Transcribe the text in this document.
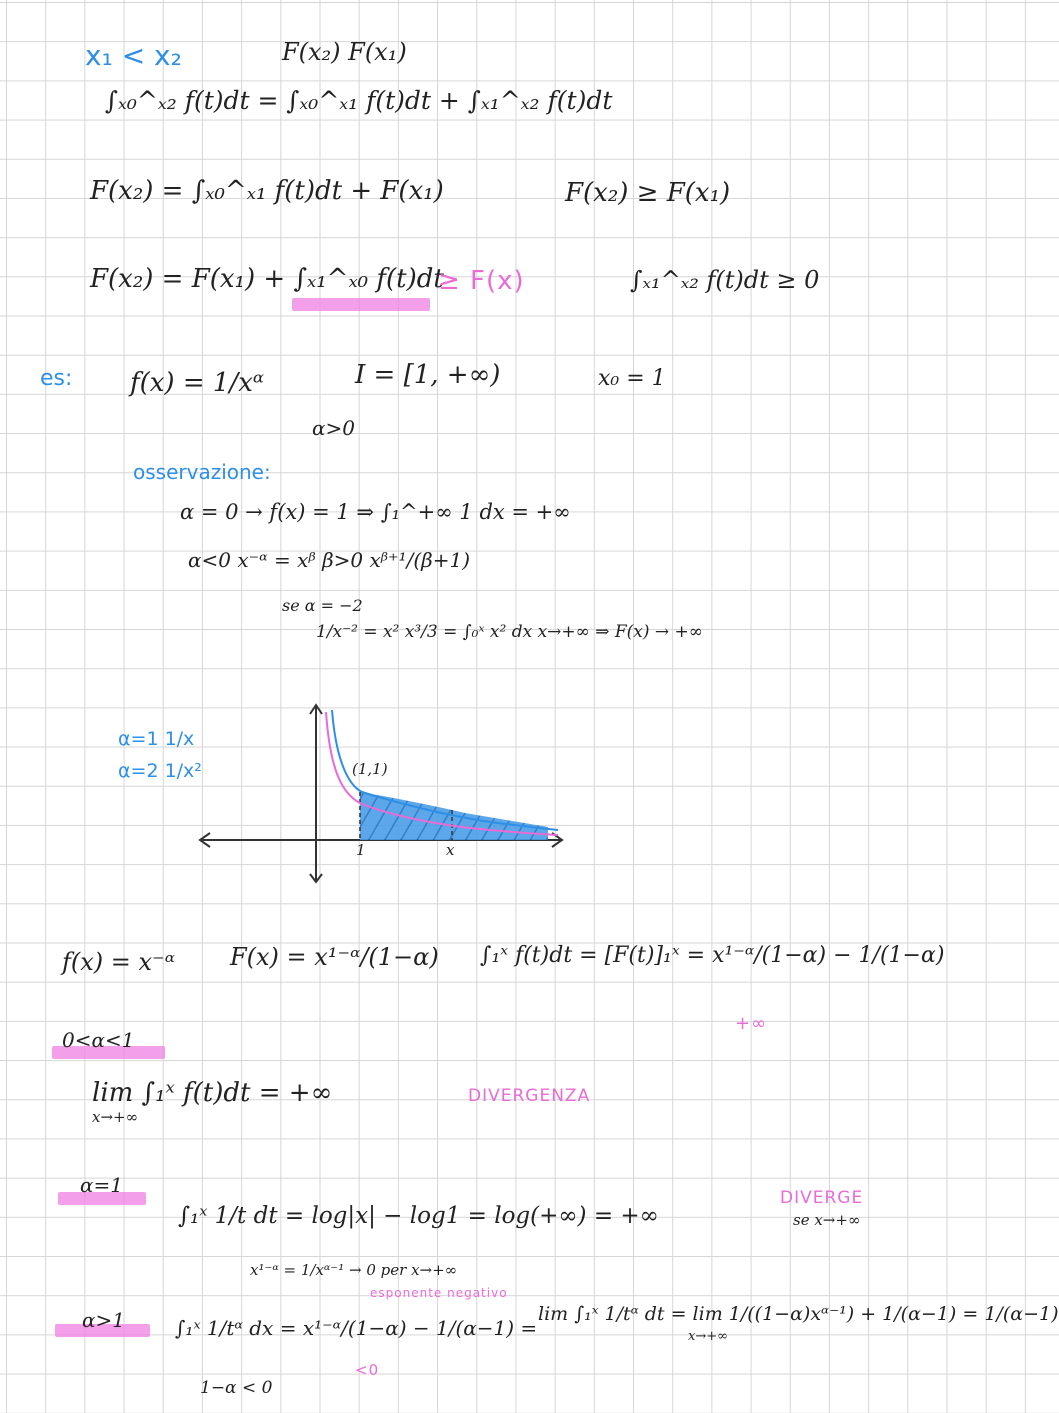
x₁ < x₂	F(x₂) F(x₁)
∫ₓ₀^ₓ₂ f(t)dt = ∫ₓ₀^ₓ₁ f(t)dt + ∫ₓ₁^ₓ₂ f(t)dt
F(x₂) = ∫ₓ₀^ₓ₁ f(t)dt + F(x₁)	F(x₂) ≥ F(x₁)
F(x₂) = F(x₁) + ∫ₓ₁^ₓ₀ f(t)dt
≥ F(x)	∫ₓ₁^ₓ₂ f(t)dt ≥ 0
es: f(x) = 1/xᵅ	I = [1, +∞)	x₀ = 1
α>0
osservazione:
α = 0 → f(x) = 1 ⇒ ∫₁^+∞ 1 dx = +∞
α<0 x⁻ᵅ = xᵝ β>0 xᵝ⁺¹/(β+1)
se α = −2
1/x⁻² = x² x³/3 = ∫₀ˣ x² dx x→+∞ ⇒ F(x) → +∞
α=1 1/x
α=2 1/x²	(1,1)
1	x
f(x) = x⁻ᵅ F(x) = x¹⁻ᵅ/(1−α) ∫₁ˣ f(t)dt = [F(t)]₁ˣ = x¹⁻ᵅ/(1−α) − 1/(1−α)
+∞
0<α<1
lim ∫₁ˣ f(t)dt = +∞
x→+∞
DIVERGENZA
α=1
∫₁ˣ 1/t dt = log|x| − log1 = log(+∞) = +∞
DIVERGE
se x→+∞
x¹⁻ᵅ = 1/xᵅ⁻¹ → 0 per x→+∞
esponente negativo
α>1	∫₁ˣ 1/tᵅ dx = x¹⁻ᵅ/(1−α) − 1/(α−1) =
lim ∫₁ˣ 1/tᵅ dt = lim 1/((1−α)xᵅ⁻¹) + 1/(α−1) = 1/(α−1)
x→+∞
<0
1−α < 0
